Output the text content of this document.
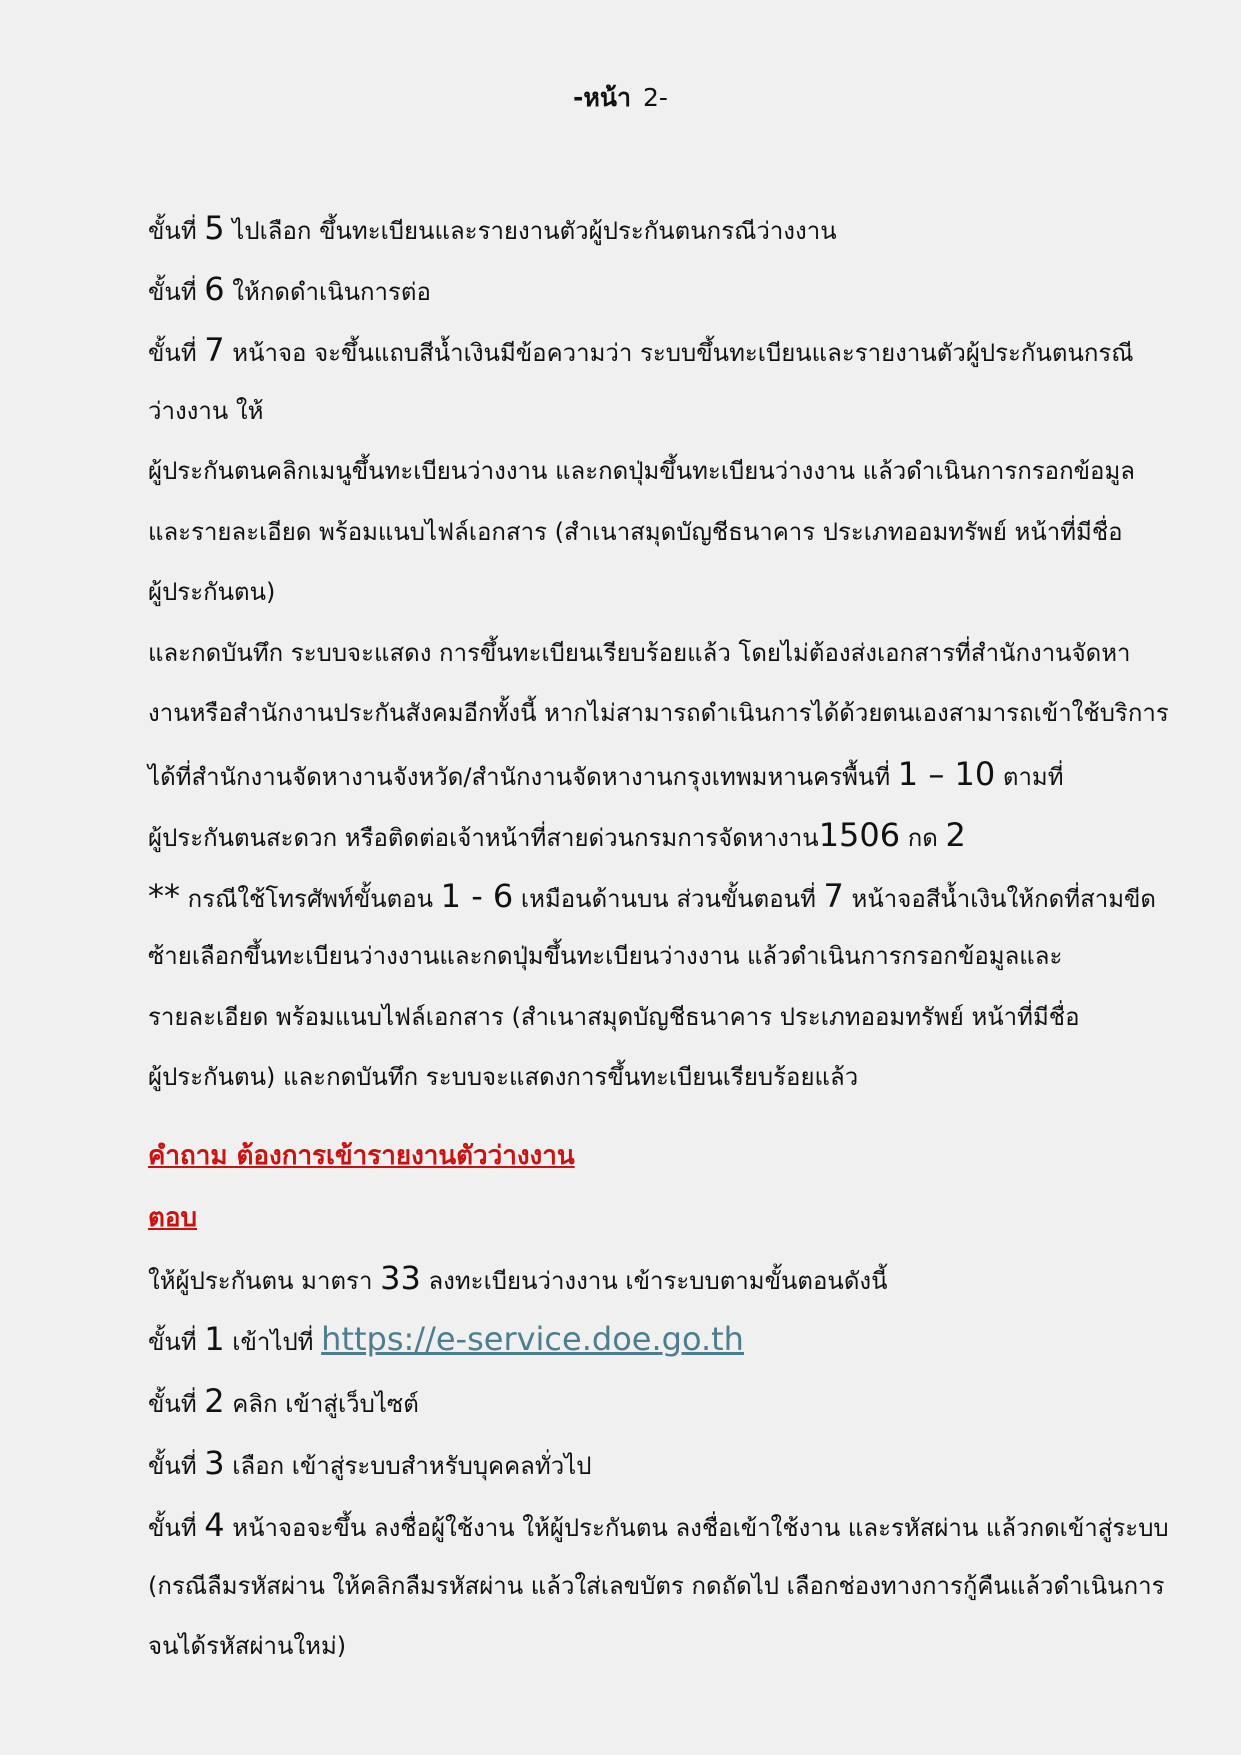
-หน้า 2-

ขั้นที่ 5 ไปเลือก ขึ้นทะเบียนและรายงานตัวผู้ประกันตนกรณีว่างงาน

ขั้นที่ 6 ให้กดดำเนินการต่อ

ขั้นที่ 7 หน้าจอ จะขึ้นแถบสีน้ำเงินมีข้อความว่า ระบบขึ้นทะเบียนและรายงานตัวผู้ประกันตนกรณี

ว่างงาน ให้

ผู้ประกันตนคลิกเมนูขึ้นทะเบียนว่างงาน และกดปุ่มขึ้นทะเบียนว่างงาน แล้วดำเนินการกรอกข้อมูล

และรายละเอียด พร้อมแนบไฟล์เอกสาร (สำเนาสมุดบัญชีธนาคาร ประเภทออมทรัพย์ หน้าที่มีชื่อ

ผู้ประกันตน)

และกดบันทึก ระบบจะแสดง การขึ้นทะเบียนเรียบร้อยแล้ว โดยไม่ต้องส่งเอกสารที่สำนักงานจัดหา

งานหรือสำนักงานประกันสังคมอีกทั้งนี้ หากไม่สามารถดำเนินการได้ด้วยตนเองสามารถเข้าใช้บริการ

ได้ที่สำนักงานจัดหางานจังหวัด/สำนักงานจัดหางานกรุงเทพมหานครพื้นที่ 1 – 10 ตามที่

ผู้ประกันตนสะดวก หรือติดต่อเจ้าหน้าที่สายด่วนกรมการจัดหางาน1506 กด 2

** กรณีใช้โทรศัพท์ขั้นตอน 1 - 6 เหมือนด้านบน ส่วนขั้นตอนที่ 7 หน้าจอสีน้ำเงินให้กดที่สามขีด

ซ้ายเลือกขึ้นทะเบียนว่างงานและกดปุ่มขึ้นทะเบียนว่างงาน แล้วดำเนินการกรอกข้อมูลและ

รายละเอียด พร้อมแนบไฟล์เอกสาร (สำเนาสมุดบัญชีธนาคาร ประเภทออมทรัพย์ หน้าที่มีชื่อ

ผู้ประกันตน) และกดบันทึก ระบบจะแสดงการขึ้นทะเบียนเรียบร้อยแล้ว

คำถาม ต้องการเข้ารายงานตัวว่างงาน

ตอบ

ให้ผู้ประกันตน มาตรา 33 ลงทะเบียนว่างงาน เข้าระบบตามขั้นตอนดังนี้

ขั้นที่ 1 เข้าไปที่ https://e-service.doe.go.th

ขั้นที่ 2 คลิก เข้าสู่เว็บไซต์

ขั้นที่ 3 เลือก เข้าสู่ระบบสำหรับบุคคลทั่วไป

ขั้นที่ 4 หน้าจอจะขึ้น ลงชื่อผู้ใช้งาน ให้ผู้ประกันตน ลงชื่อเข้าใช้งาน และรหัสผ่าน แล้วกดเข้าสู่ระบบ

(กรณีลืมรหัสผ่าน ให้คลิกลืมรหัสผ่าน แล้วใส่เลขบัตร กดถัดไป เลือกช่องทางการกู้คืนแล้วดำเนินการ

จนได้รหัสผ่านใหม่)
